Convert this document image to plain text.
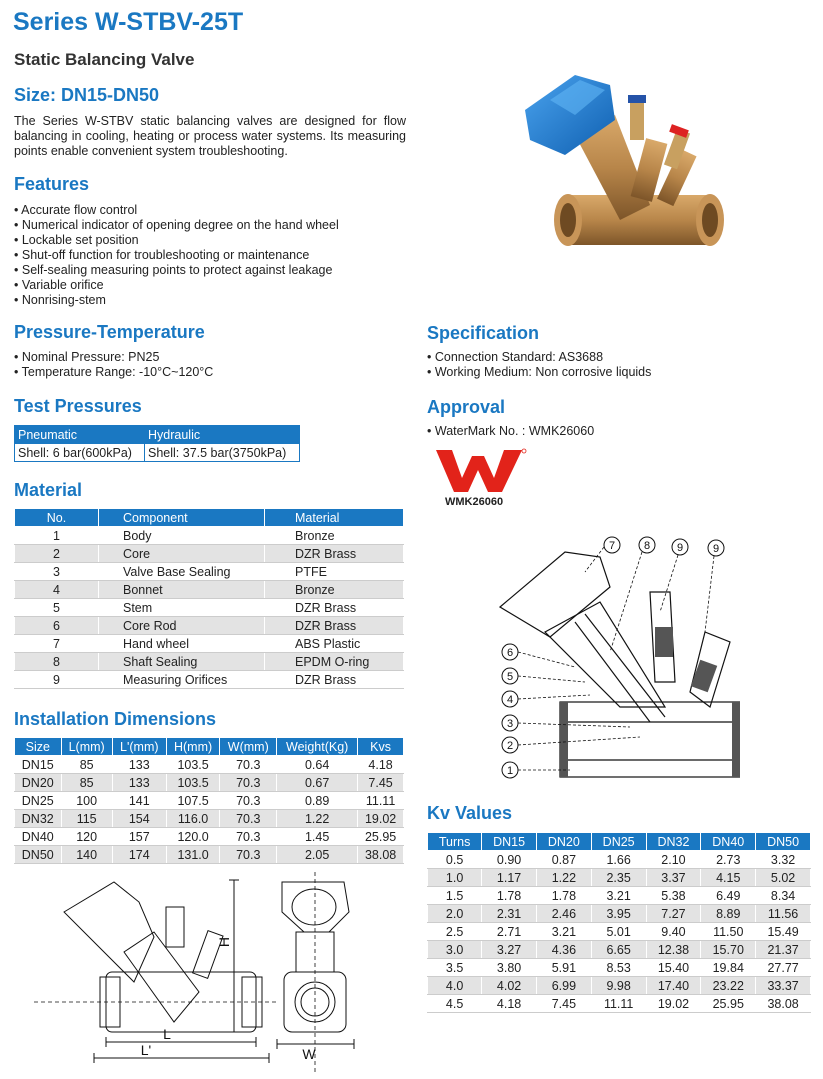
Series W-STBV-25T
Static Balancing Valve
Size: DN15-DN50
The Series W-STBV static balancing valves are designed for flow balancing in cooling, heating or process water systems. Its measuring points enable convenient system troubleshooting.
Features
• Accurate flow control
• Numerical indicator of opening degree on the hand wheel
• Lockable set position
• Shut-off function for troubleshooting or maintenance
• Self-sealing measuring points to protect against leakage
• Variable orifice
• Nonrising-stem
Pressure-Temperature
• Nominal Pressure: PN25
• Temperature Range: -10°C~120°C
Specification
• Connection Standard: AS3688
• Working Medium: Non corrosive liquids
Test Pressures
Pneumatic	Hydraulic
Shell: 6 bar(600kPa)	Shell: 37.5 bar(3750kPa)
Approval
• WaterMark No. : WMK26060
WMK26060
Material
No.	Component	Material
1	Body	Bronze
2	Core	DZR Brass
3	Valve Base Sealing	PTFE
4	Bonnet	Bronze
5	Stem	DZR Brass
6	Core Rod	DZR Brass
7	Hand wheel	ABS Plastic
8	Shaft Sealing	EPDM O-ring
9	Measuring Orifices	DZR Brass
Installation Dimensions
Size	L(mm)	L'(mm)	H(mm)	W(mm)	Weight(Kg)	Kvs
DN15	85	133	103.5	70.3	0.64	4.18
DN20	85	133	103.5	70.3	0.67	7.45
DN25	100	141	107.5	70.3	0.89	11.11
DN32	115	154	116.0	70.3	1.22	19.02
DN40	120	157	120.0	70.3	1.45	25.95
DN50	140	174	131.0	70.3	2.05	38.08
7	8 9	9
6
5
4
3
2
1
Kv Values
Turns	DN15	DN20	DN25	DN32	DN40	DN50
0.5	0.90	0.87	1.66	2.10	2.73	3.32
1.0	1.17	1.22	2.35	3.37	4.15	5.02
1.5	1.78	1.78	3.21	5.38	6.49	8.34
2.0	2.31	2.46	3.95	7.27	8.89	11.56
2.5	2.71	3.21	5.01	9.40	11.50	15.49
3.0	3.27	4.36	6.65	12.38	15.70	21.37
3.5	3.80	5.91	8.53	15.40	19.84	27.77
4.0	4.02	6.99	9.98	17.40	23.22	33.37
4.5	4.18	7.45	11.11	19.02	25.95	38.08
L
L'
H
W
